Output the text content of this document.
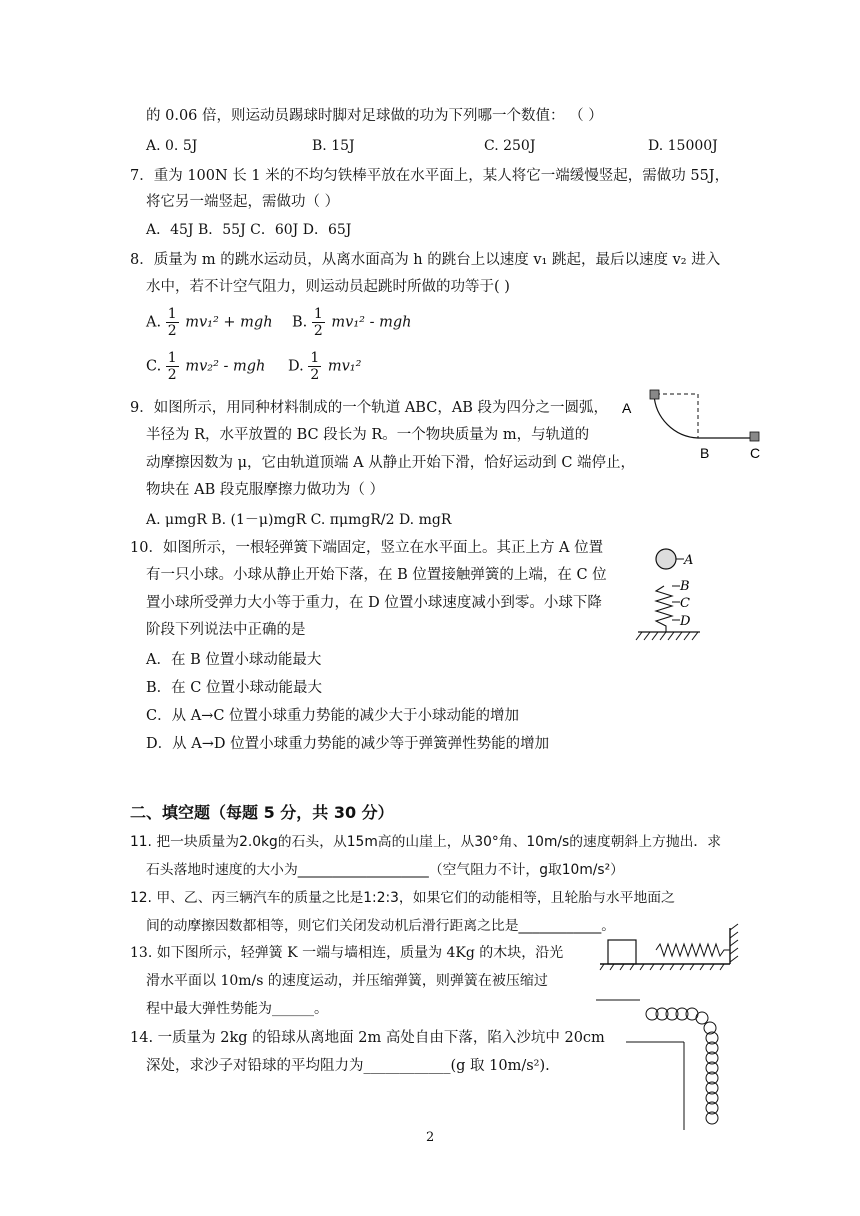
的 0.06 倍，则运动员踢球时脚对足球做的功为下列哪一个数值： （ ）
A. 0. 5J	B. 15J	C. 250J	D. 15000J
7．重为 100N 长 1 米的不均匀铁棒平放在水平面上，某人将它一端缓慢竖起，需做功 55J，
将它另一端竖起，需做功（ ）
A．45J B．55J C．60J D．65J
8．质量为 m 的跳水运动员，从离水面高为 h 的跳台上以速度 v₁ 跳起，最后以速度 v₂ 进入
水中，若不计空气阻力，则运动员起跳时所做的功等于( )
A. $\frac{1}{2} mv_1^2$ + mgh B. $\frac{1}{2} mv_1^2$ - mgh
C. $\frac{1}{2} mv_2^2$ - mgh D. $\frac{1}{2} mv_1^2$
9．如图所示，用同种材料制成的一个轨道 ABC，AB 段为四分之一圆弧，
半径为 R，水平放置的 BC 段长为 R。一个物块质量为 m，与轨道的
动摩擦因数为 μ，它由轨道顶端 A 从静止开始下滑，恰好运动到 C 端停止，
物块在 AB 段克服摩擦力做功为（ ）
A. μmgR B. (1－μ)mgR C. πμmgR/2 D. mgR
A
B	C
10．如图所示，一根轻弹簧下端固定，竖立在水平面上。其正上方 A 位置
有一只小球。小球从静止开始下落，在 B 位置接触弹簧的上端，在 C 位
置小球所受弹力大小等于重力，在 D 位置小球速度减小到零。小球下降
阶段下列说法中正确的是
A．在 B 位置小球动能最大
B．在 C 位置小球动能最大
C．从 A→C 位置小球重力势能的减少大于小球动能的增加
D．从 A→D 位置小球重力势能的减少等于弹簧弹性势能的增加
A
B
C
D
二、填空题（每题 5 分，共 30 分）
11. 把一块质量为2.0kg的石头，从15m高的山崖上，从30°角、10m/s的速度朝斜上方抛出．求
石头落地时速度的大小为___________________（空气阻力不计，g取10m/s²）
12. 甲、乙、丙三辆汽车的质量之比是1:2:3，如果它们的动能相等，且轮胎与水平地面之
间的动摩擦因数都相等，则它们关闭发动机后滑行距离之比是____________。
13. 如下图所示，轻弹簧 K 一端与墙相连，质量为 4Kg 的木块，沿光
滑水平面以 10m/s 的速度运动，并压缩弹簧，则弹簧在被压缩过
程中最大弹性势能为______。
14. 一质量为 2kg 的铅球从离地面 2m 高处自由下落，陷入沙坑中 20cm
深处，求沙子对铅球的平均阻力为____________(g 取 10m/s²).
2
